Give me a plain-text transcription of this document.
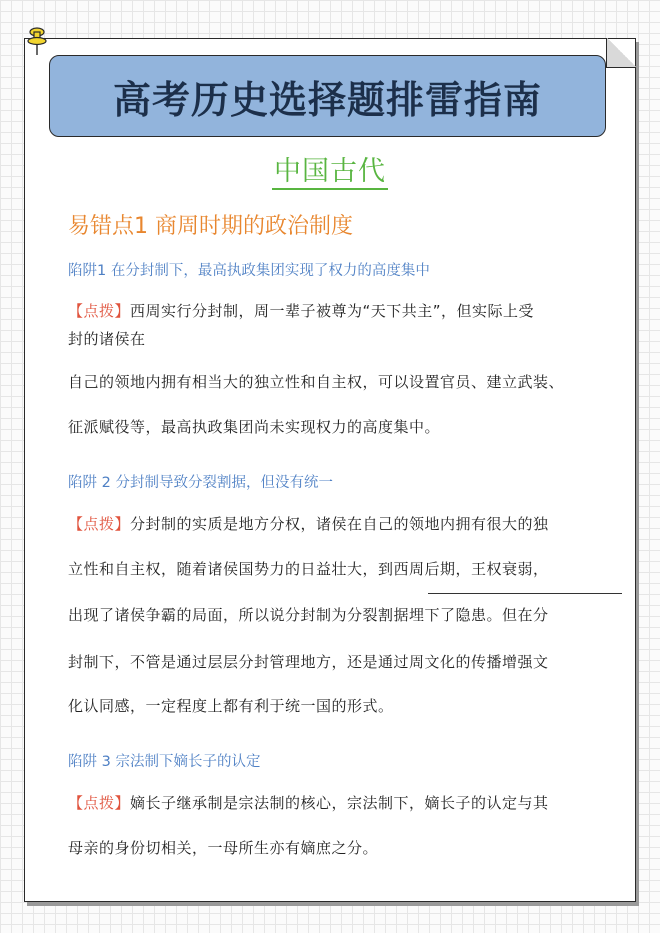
高考历史选择题排雷指南
中国古代
易错点1 商周时期的政治制度
陷阱1 在分封制下，最高执政集团实现了权力的高度集中
【点拨】西周实行分封制，周一辈子被尊为“天下共主”，但实际上受
封的诸侯在
自己的领地内拥有相当大的独立性和自主权，可以设置官员、建立武装、
征派赋役等，最高执政集团尚未实现权力的高度集中。
陷阱 2 分封制导致分裂割据，但没有统一
【点拨】分封制的实质是地方分权，诸侯在自己的领地内拥有很大的独
立性和自主权，随着诸侯国势力的日益壮大，到西周后期，王权衰弱，
出现了诸侯争霸的局面，所以说分封制为分裂割据埋下了隐患。但在分
封制下，不管是通过层层分封管理地方，还是通过周文化的传播增强文
化认同感，一定程度上都有利于统一国的形式。
陷阱 3 宗法制下嫡长子的认定
【点拨】嫡长子继承制是宗法制的核心，宗法制下，嫡长子的认定与其
母亲的身份切相关，一母所生亦有嫡庶之分。
